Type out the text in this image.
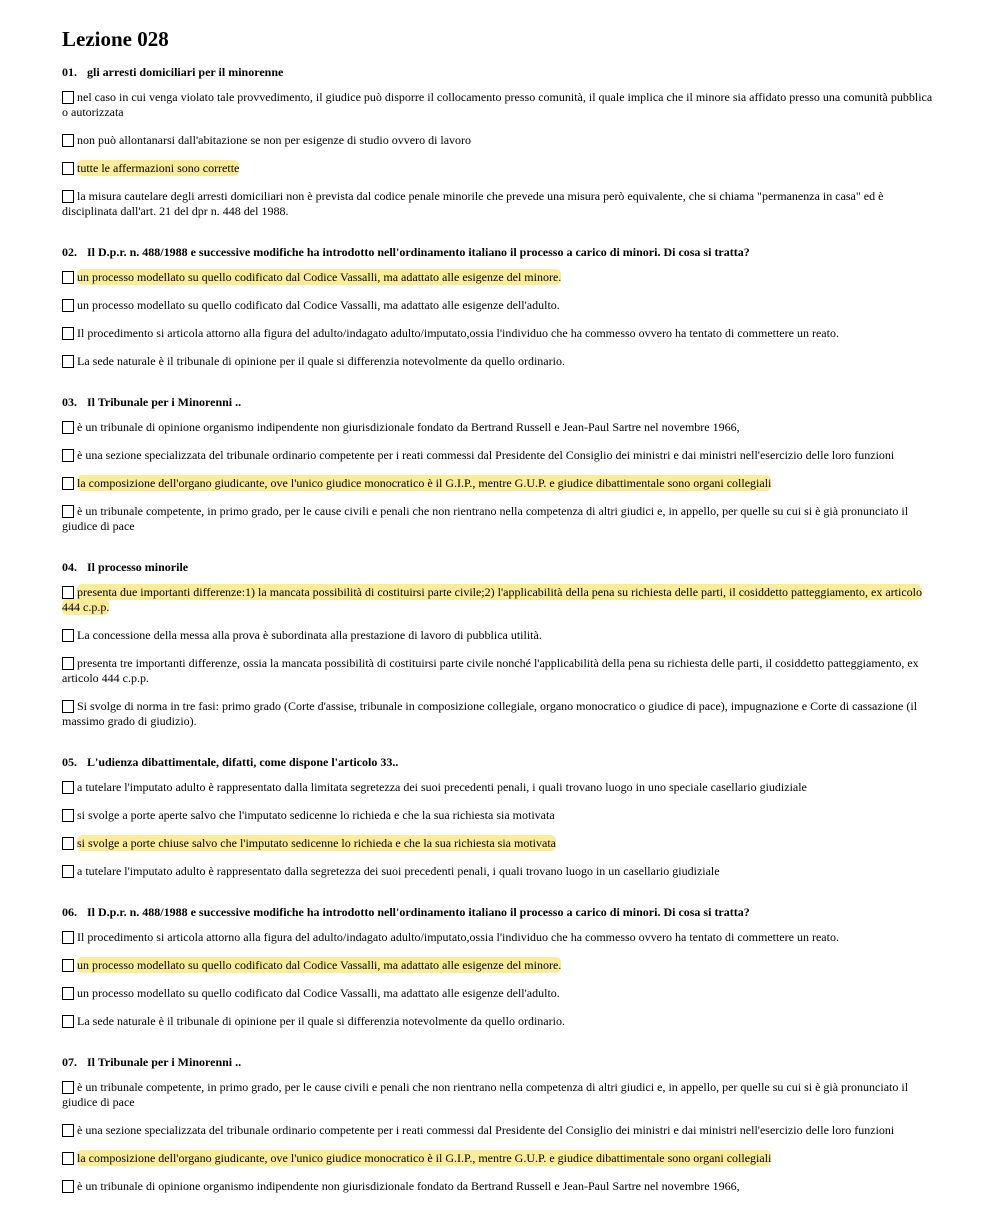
Lezione 028
01. gli arresti domiciliari per il minorenne
nel caso in cui venga violato tale provvedimento, il giudice può disporre il collocamento presso comunità, il quale implica che il minore sia affidato presso una comunità pubblica o autorizzata
non può allontanarsi dall'abitazione se non per esigenze di studio ovvero di lavoro
tutte le affermazioni sono corrette
la misura cautelare degli arresti domiciliari non è prevista dal codice penale minorile che prevede una misura però equivalente, che si chiama "permanenza in casa" ed è disciplinata dall'art. 21 del dpr n. 448 del 1988.
02. Il D.p.r. n. 488/1988 e successive modifiche ha introdotto nell'ordinamento italiano il processo a carico di minori. Di cosa si tratta?
un processo modellato su quello codificato dal Codice Vassalli, ma adattato alle esigenze del minore.
un processo modellato su quello codificato dal Codice Vassalli, ma adattato alle esigenze dell'adulto.
Il procedimento si articola attorno alla figura del adulto/indagato adulto/imputato,ossia l'individuo che ha commesso ovvero ha tentato di commettere un reato.
La sede naturale è il tribunale di opinione per il quale si differenzia notevolmente da quello ordinario.
03. Il Tribunale per i Minorenni ..
è un tribunale di opinione organismo indipendente non giurisdizionale fondato da Bertrand Russell e Jean-Paul Sartre nel novembre 1966,
è una sezione specializzata del tribunale ordinario competente per i reati commessi dal Presidente del Consiglio dei ministri e dai ministri nell'esercizio delle loro funzioni
la composizione dell'organo giudicante, ove l'unico giudice monocratico è il G.I.P., mentre G.U.P. e giudice dibattimentale sono organi collegiali
è un tribunale competente, in primo grado, per le cause civili e penali che non rientrano nella competenza di altri giudici e, in appello, per quelle su cui si è già pronunciato il giudice di pace
04. Il processo minorile
presenta due importanti differenze:1) la mancata possibilità di costituirsi parte civile;2) l'applicabilità della pena su richiesta delle parti, il cosiddetto patteggiamento, ex articolo 444 c.p.p.
La concessione della messa alla prova è subordinata alla prestazione di lavoro di pubblica utilità.
presenta tre importanti differenze, ossia la mancata possibilità di costituirsi parte civile nonché l'applicabilità della pena su richiesta delle parti, il cosiddetto patteggiamento, ex articolo 444 c.p.p.
Si svolge di norma in tre fasi: primo grado (Corte d'assise, tribunale in composizione collegiale, organo monocratico o giudice di pace), impugnazione e Corte di cassazione (il massimo grado di giudizio).
05. L'udienza dibattimentale, difatti, come dispone l'articolo 33..
a tutelare l'imputato adulto è rappresentato dalla limitata segretezza dei suoi precedenti penali, i quali trovano luogo in uno speciale casellario giudiziale
si svolge a porte aperte salvo che l'imputato sedicenne lo richieda e che la sua richiesta sia motivata
si svolge a porte chiuse salvo che l'imputato sedicenne lo richieda e che la sua richiesta sia motivata
a tutelare l'imputato adulto è rappresentato dalla segretezza dei suoi precedenti penali, i quali trovano luogo in un casellario giudiziale
06. Il D.p.r. n. 488/1988 e successive modifiche ha introdotto nell'ordinamento italiano il processo a carico di minori. Di cosa si tratta?
Il procedimento si articola attorno alla figura del adulto/indagato adulto/imputato,ossia l'individuo che ha commesso ovvero ha tentato di commettere un reato.
un processo modellato su quello codificato dal Codice Vassalli, ma adattato alle esigenze del minore.
un processo modellato su quello codificato dal Codice Vassalli, ma adattato alle esigenze dell'adulto.
La sede naturale è il tribunale di opinione per il quale si differenzia notevolmente da quello ordinario.
07. Il Tribunale per i Minorenni ..
è un tribunale competente, in primo grado, per le cause civili e penali che non rientrano nella competenza di altri giudici e, in appello, per quelle su cui si è già pronunciato il giudice di pace
è una sezione specializzata del tribunale ordinario competente per i reati commessi dal Presidente del Consiglio dei ministri e dai ministri nell'esercizio delle loro funzioni
la composizione dell'organo giudicante, ove l'unico giudice monocratico è il G.I.P., mentre G.U.P. e giudice dibattimentale sono organi collegiali
è un tribunale di opinione organismo indipendente non giurisdizionale fondato da Bertrand Russell e Jean-Paul Sartre nel novembre 1966,
